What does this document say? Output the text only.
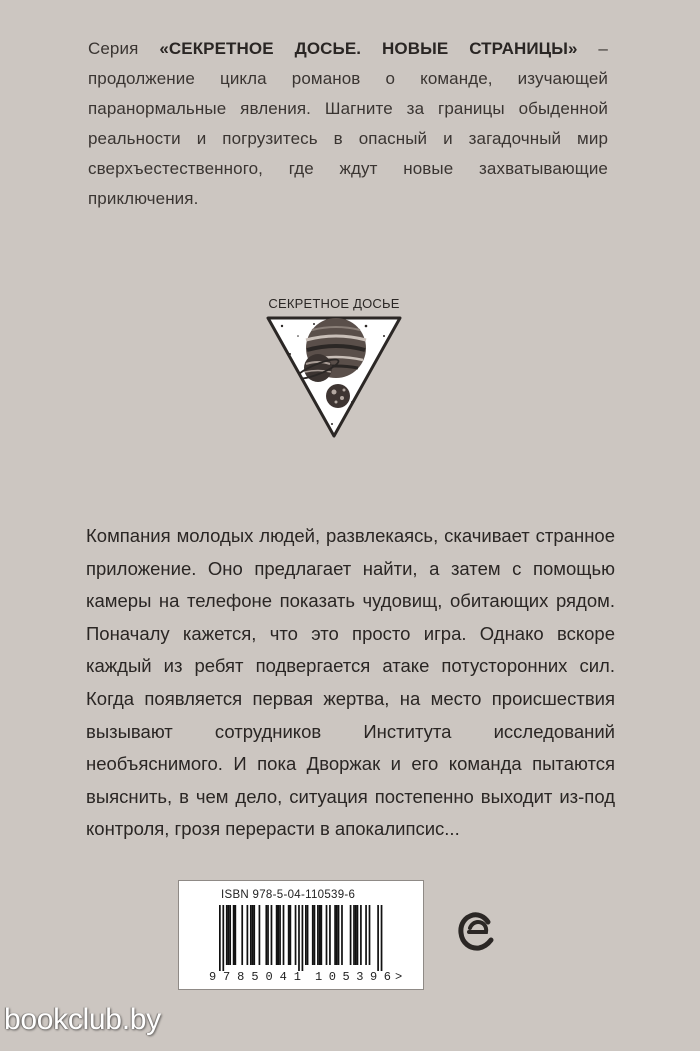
Серия «СЕКРЕТНОЕ ДОСЬЕ. НОВЫЕ СТРАНИЦЫ» – продолжение цикла романов о команде, изучающей паранормальные явления. Шагните за границы обыденной реальности и погрузитесь в опасный и загадочный мир сверхъестественного, где ждут новые захватывающие приключения.
СЕКРЕТНОЕ ДОСЬЕ
Компания молодых людей, развлекаясь, скачивает странное приложение. Оно предлагает найти, а затем с помощью камеры на телефоне показать чудовищ, обитающих рядом. Поначалу кажется, что это просто игра. Однако вскоре каждый из ребят подвергается атаке потусторонних сил. Когда появляется первая жертва, на место происшествия вызывают сотрудников Института исследований необъяснимого. И пока Дворжак и его команда пытаются выяснить, в чем дело, ситуация постепенно выходит из-под контроля, грозя перерасти в апокалипсис...
ISBN 978-5-04-110539-6
9 785041 105396 >
bookclub.by
